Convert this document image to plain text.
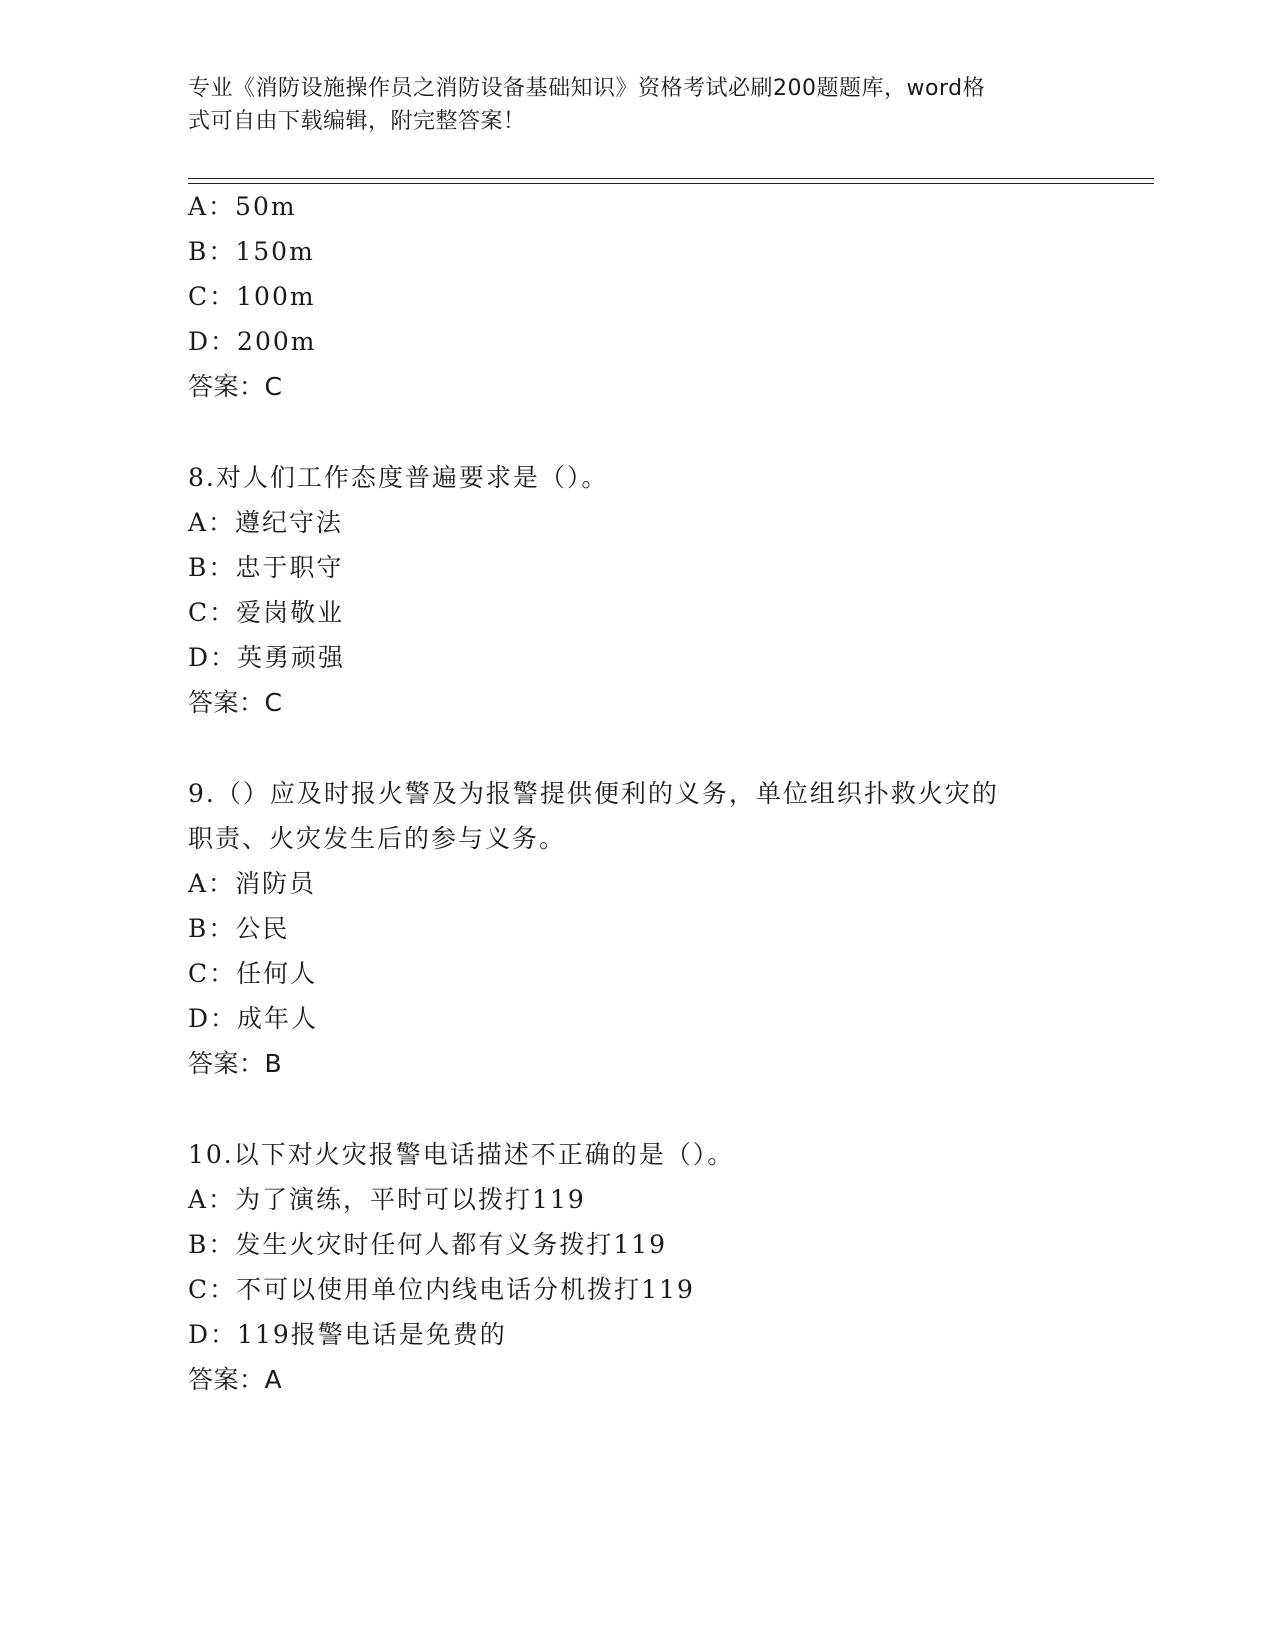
专业《消防设施操作员之消防设备基础知识》资格考试必刷200题题库，word格
式可自由下载编辑，附完整答案！
A：50m
B：150m
C：100m
D：200m
答案：C
8.对人们工作态度普遍要求是（）。
A：遵纪守法
B：忠于职守
C：爱岗敬业
D：英勇顽强
答案：C
9.（）应及时报火警及为报警提供便利的义务，单位组织扑救火灾的
职责、火灾发生后的参与义务。
A：消防员
B：公民
C：任何人
D：成年人
答案：B
10.以下对火灾报警电话描述不正确的是（）。
A：为了演练，平时可以拨打119
B：发生火灾时任何人都有义务拨打119
C：不可以使用单位内线电话分机拨打119
D：119报警电话是免费的
答案：A
